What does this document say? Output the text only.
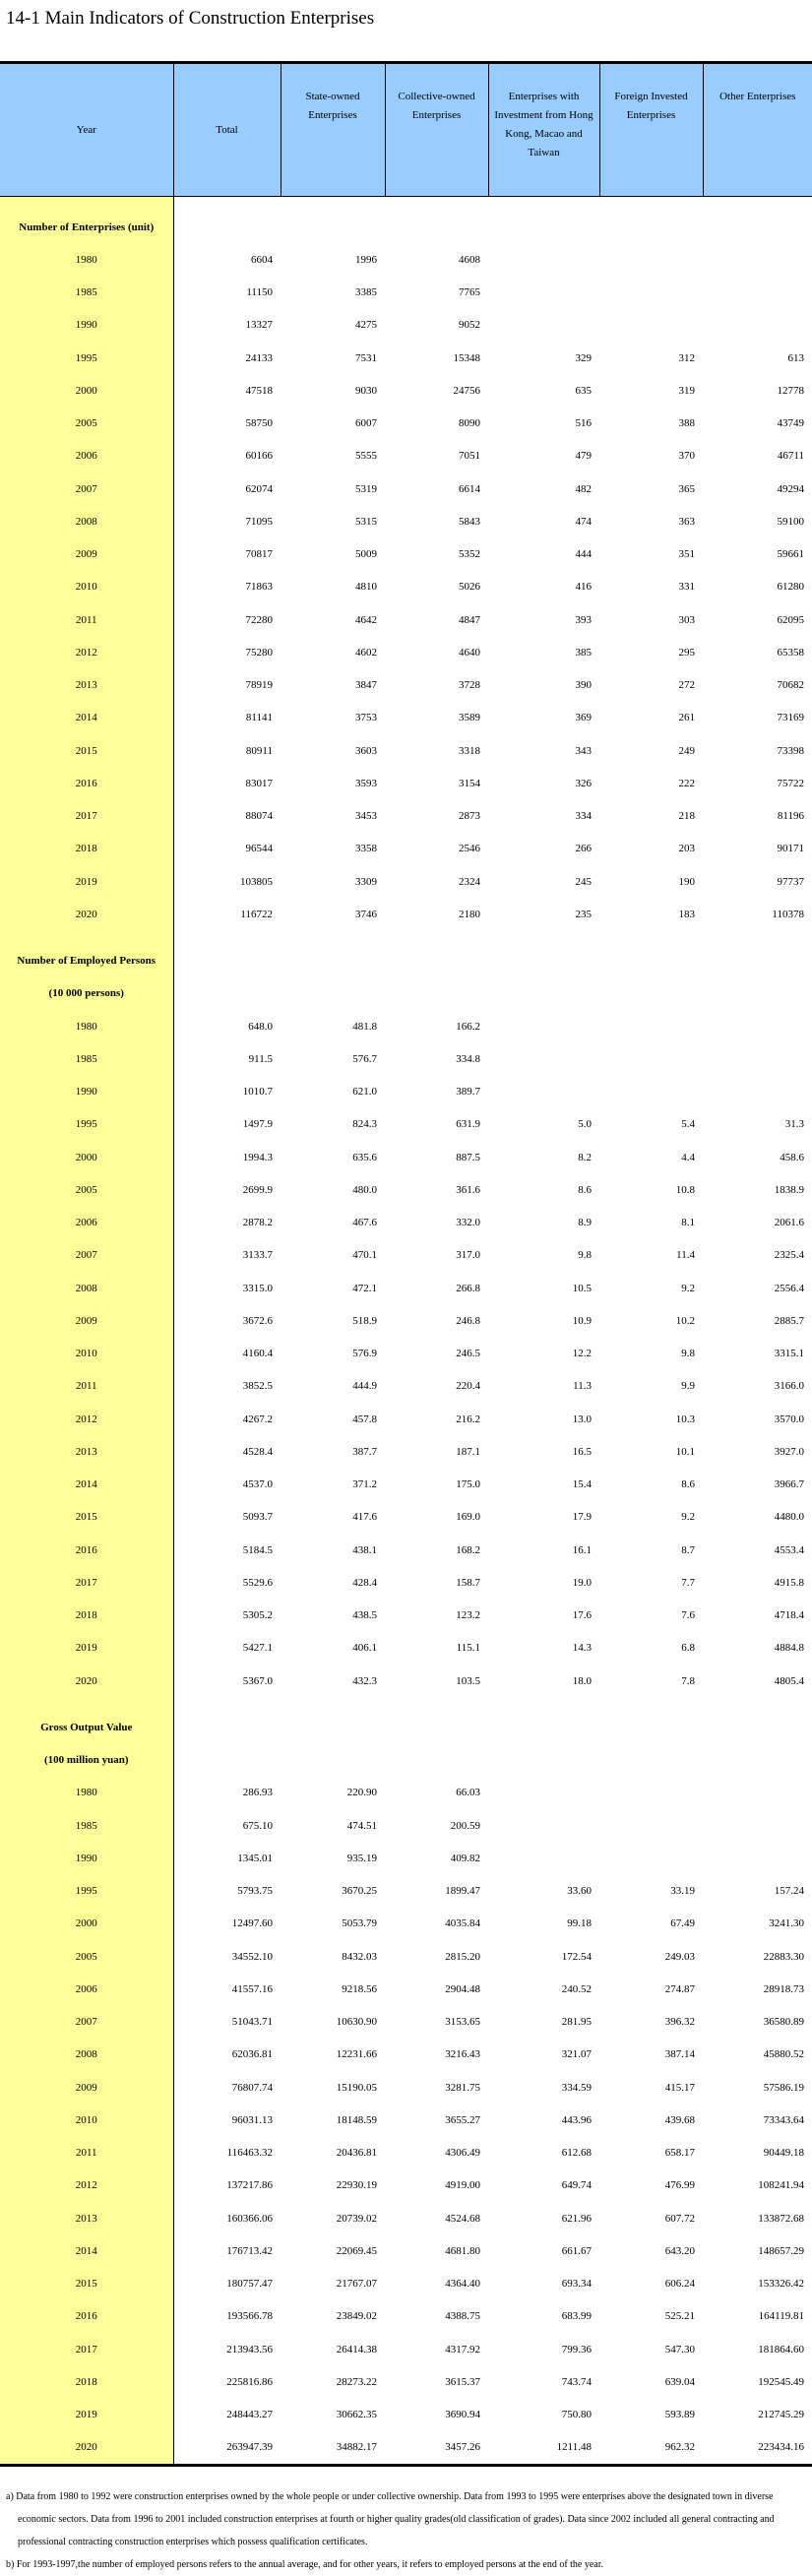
14-1 Main Indicators of Construction Enterprises
Year	Total	State-owned Enterprises	Collective-owned Enterprises	Enterprises with Investment from Hong Kong, Macao and Taiwan	Foreign Invested Enterprises	Other Enterprises

Number of Enterprises (unit)						
1980	6604	1996	4608			
1985	11150	3385	7765			
1990	13327	4275	9052			
1995	24133	7531	15348	329	312	613
2000	47518	9030	24756	635	319	12778
2005	58750	6007	8090	516	388	43749
2006	60166	5555	7051	479	370	46711
2007	62074	5319	6614	482	365	49294
2008	71095	5315	5843	474	363	59100
2009	70817	5009	5352	444	351	59661
2010	71863	4810	5026	416	331	61280
2011	72280	4642	4847	393	303	62095
2012	75280	4602	4640	385	295	65358
2013	78919	3847	3728	390	272	70682
2014	81141	3753	3589	369	261	73169
2015	80911	3603	3318	343	249	73398
2016	83017	3593	3154	326	222	75722
2017	88074	3453	2873	334	218	81196
2018	96544	3358	2546	266	203	90171
2019	103805	3309	2324	245	190	97737
2020	116722	3746	2180	235	183	110378

Number of Employed Persons						
(10 000 persons)						
1980	648.0	481.8	166.2			
1985	911.5	576.7	334.8			
1990	1010.7	621.0	389.7			
1995	1497.9	824.3	631.9	5.0	5.4	31.3
2000	1994.3	635.6	887.5	8.2	4.4	458.6
2005	2699.9	480.0	361.6	8.6	10.8	1838.9
2006	2878.2	467.6	332.0	8.9	8.1	2061.6
2007	3133.7	470.1	317.0	9.8	11.4	2325.4
2008	3315.0	472.1	266.8	10.5	9.2	2556.4
2009	3672.6	518.9	246.8	10.9	10.2	2885.7
2010	4160.4	576.9	246.5	12.2	9.8	3315.1
2011	3852.5	444.9	220.4	11.3	9.9	3166.0
2012	4267.2	457.8	216.2	13.0	10.3	3570.0
2013	4528.4	387.7	187.1	16.5	10.1	3927.0
2014	4537.0	371.2	175.0	15.4	8.6	3966.7
2015	5093.7	417.6	169.0	17.9	9.2	4480.0
2016	5184.5	438.1	168.2	16.1	8.7	4553.4
2017	5529.6	428.4	158.7	19.0	7.7	4915.8
2018	5305.2	438.5	123.2	17.6	7.6	4718.4
2019	5427.1	406.1	115.1	14.3	6.8	4884.8
2020	5367.0	432.3	103.5	18.0	7.8	4805.4

Gross Output Value						
(100 million yuan)						
1980	286.93	220.90	66.03			
1985	675.10	474.51	200.59			
1990	1345.01	935.19	409.82			
1995	5793.75	3670.25	1899.47	33.60	33.19	157.24
2000	12497.60	5053.79	4035.84	99.18	67.49	3241.30
2005	34552.10	8432.03	2815.20	172.54	249.03	22883.30
2006	41557.16	9218.56	2904.48	240.52	274.87	28918.73
2007	51043.71	10630.90	3153.65	281.95	396.32	36580.89
2008	62036.81	12231.66	3216.43	321.07	387.14	45880.52
2009	76807.74	15190.05	3281.75	334.59	415.17	57586.19
2010	96031.13	18148.59	3655.27	443.96	439.68	73343.64
2011	116463.32	20436.81	4306.49	612.68	658.17	90449.18
2012	137217.86	22930.19	4919.00	649.74	476.99	108241.94
2013	160366.06	20739.02	4524.68	621.96	607.72	133872.68
2014	176713.42	22069.45	4681.80	661.67	643.20	148657.29
2015	180757.47	21767.07	4364.40	693.34	606.24	153326.42
2016	193566.78	23849.02	4388.75	683.99	525.21	164119.81
2017	213943.56	26414.38	4317.92	799.36	547.30	181864.60
2018	225816.86	28273.22	3615.37	743.74	639.04	192545.49
2019	248443.27	30662.35	3690.94	750.80	593.89	212745.29
2020	263947.39	34882.17	3457.26	1211.48	962.32	223434.16
a) Data from 1980 to 1992 were construction enterprises owned by the whole people or under collective ownership. Data from 1993 to 1995 were enterprises above the designated town in diverse economic sectors. Data from 1996 to 2001 included construction enterprises at fourth or higher quality grades(old classification of grades). Data since 2002 included all general contracting and professional contracting construction enterprises which possess qualification certificates.
b) For 1993-1997,the number of employed persons refers to the annual average, and for other years, it refers to employed persons at the end of the year.
